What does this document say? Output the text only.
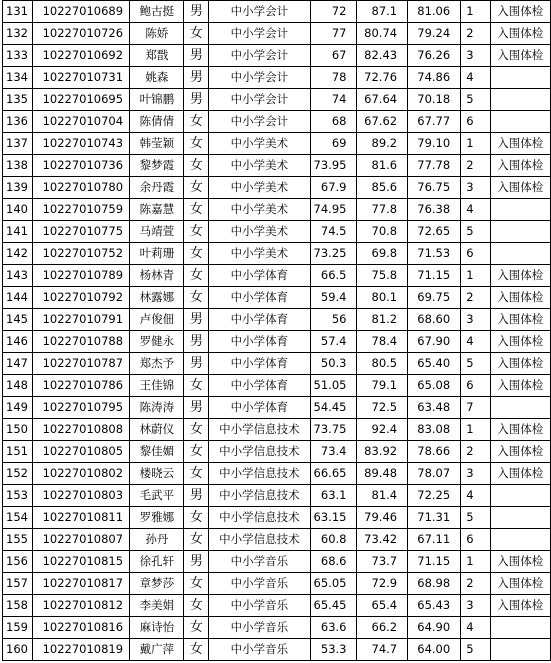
131	10227010689	鲍古挺	男	中小学会计	72	87.1	81.06	1	入围体检
132	10227010726	陈娇	女	中小学会计	77	80.74	79.24	2	入围体检
133	10227010692	郑戬	男	中小学会计	67	82.43	76.26	3	入围体检
134	10227010731	姚森	男	中小学会计	78	72.76	74.86	4	
135	10227010695	叶锦鹏	男	中小学会计	74	67.64	70.18	5	
136	10227010704	陈倩倩	女	中小学会计	68	67.62	67.77	6	
137	10227010743	韩莹颖	女	中小学美术	69	89.2	79.10	1	入围体检
138	10227010736	黎梦霞	女	中小学美术	73.95	81.6	77.78	2	入围体检
139	10227010780	余丹霞	女	中小学美术	67.9	85.6	76.75	3	入围体检
140	10227010759	陈嘉慧	女	中小学美术	74.95	77.8	76.38	4	
141	10227010775	马靖萱	女	中小学美术	74.5	70.8	72.65	5	
142	10227010752	叶莉珊	女	中小学美术	73.25	69.8	71.53	6	
143	10227010789	杨林青	女	中小学体育	66.5	75.8	71.15	1	入围体检
144	10227010792	林露娜	女	中小学体育	59.4	80.1	69.75	2	入围体检
145	10227010791	卢俊佃	男	中小学体育	56	81.2	68.60	3	入围体检
146	10227010788	罗健永	男	中小学体育	57.4	78.4	67.90	4	入围体检
147	10227010787	郑杰予	男	中小学体育	50.3	80.5	65.40	5	入围体检
148	10227010786	王佳锦	女	中小学体育	51.05	79.1	65.08	6	入围体检
149	10227010795	陈涛涛	男	中小学体育	54.45	72.5	63.48	7	
150	10227010808	林蔚仪	女	中小学信息技术	73.75	92.4	83.08	1	入围体检
151	10227010805	黎佳媚	女	中小学信息技术	73.4	83.92	78.66	2	入围体检
152	10227010802	楼晓云	女	中小学信息技术	66.65	89.48	78.07	3	入围体检
153	10227010803	毛武平	男	中小学信息技术	63.1	81.4	72.25	4	
154	10227010811	罗雅娜	女	中小学信息技术	63.15	79.46	71.31	5	
155	10227010807	孙丹	女	中小学信息技术	60.8	73.42	67.11	6	
156	10227010815	徐孔轩	男	中小学音乐	68.6	73.7	71.15	1	入围体检
157	10227010817	章梦莎	女	中小学音乐	65.05	72.9	68.98	2	入围体检
158	10227010812	李美娟	女	中小学音乐	65.45	65.4	65.43	3	入围体检
159	10227010816	麻诗怡	女	中小学音乐	63.6	66.2	64.90	4	
160	10227010819	戴广萍	女	中小学音乐	53.3	74.7	64.00	5	
